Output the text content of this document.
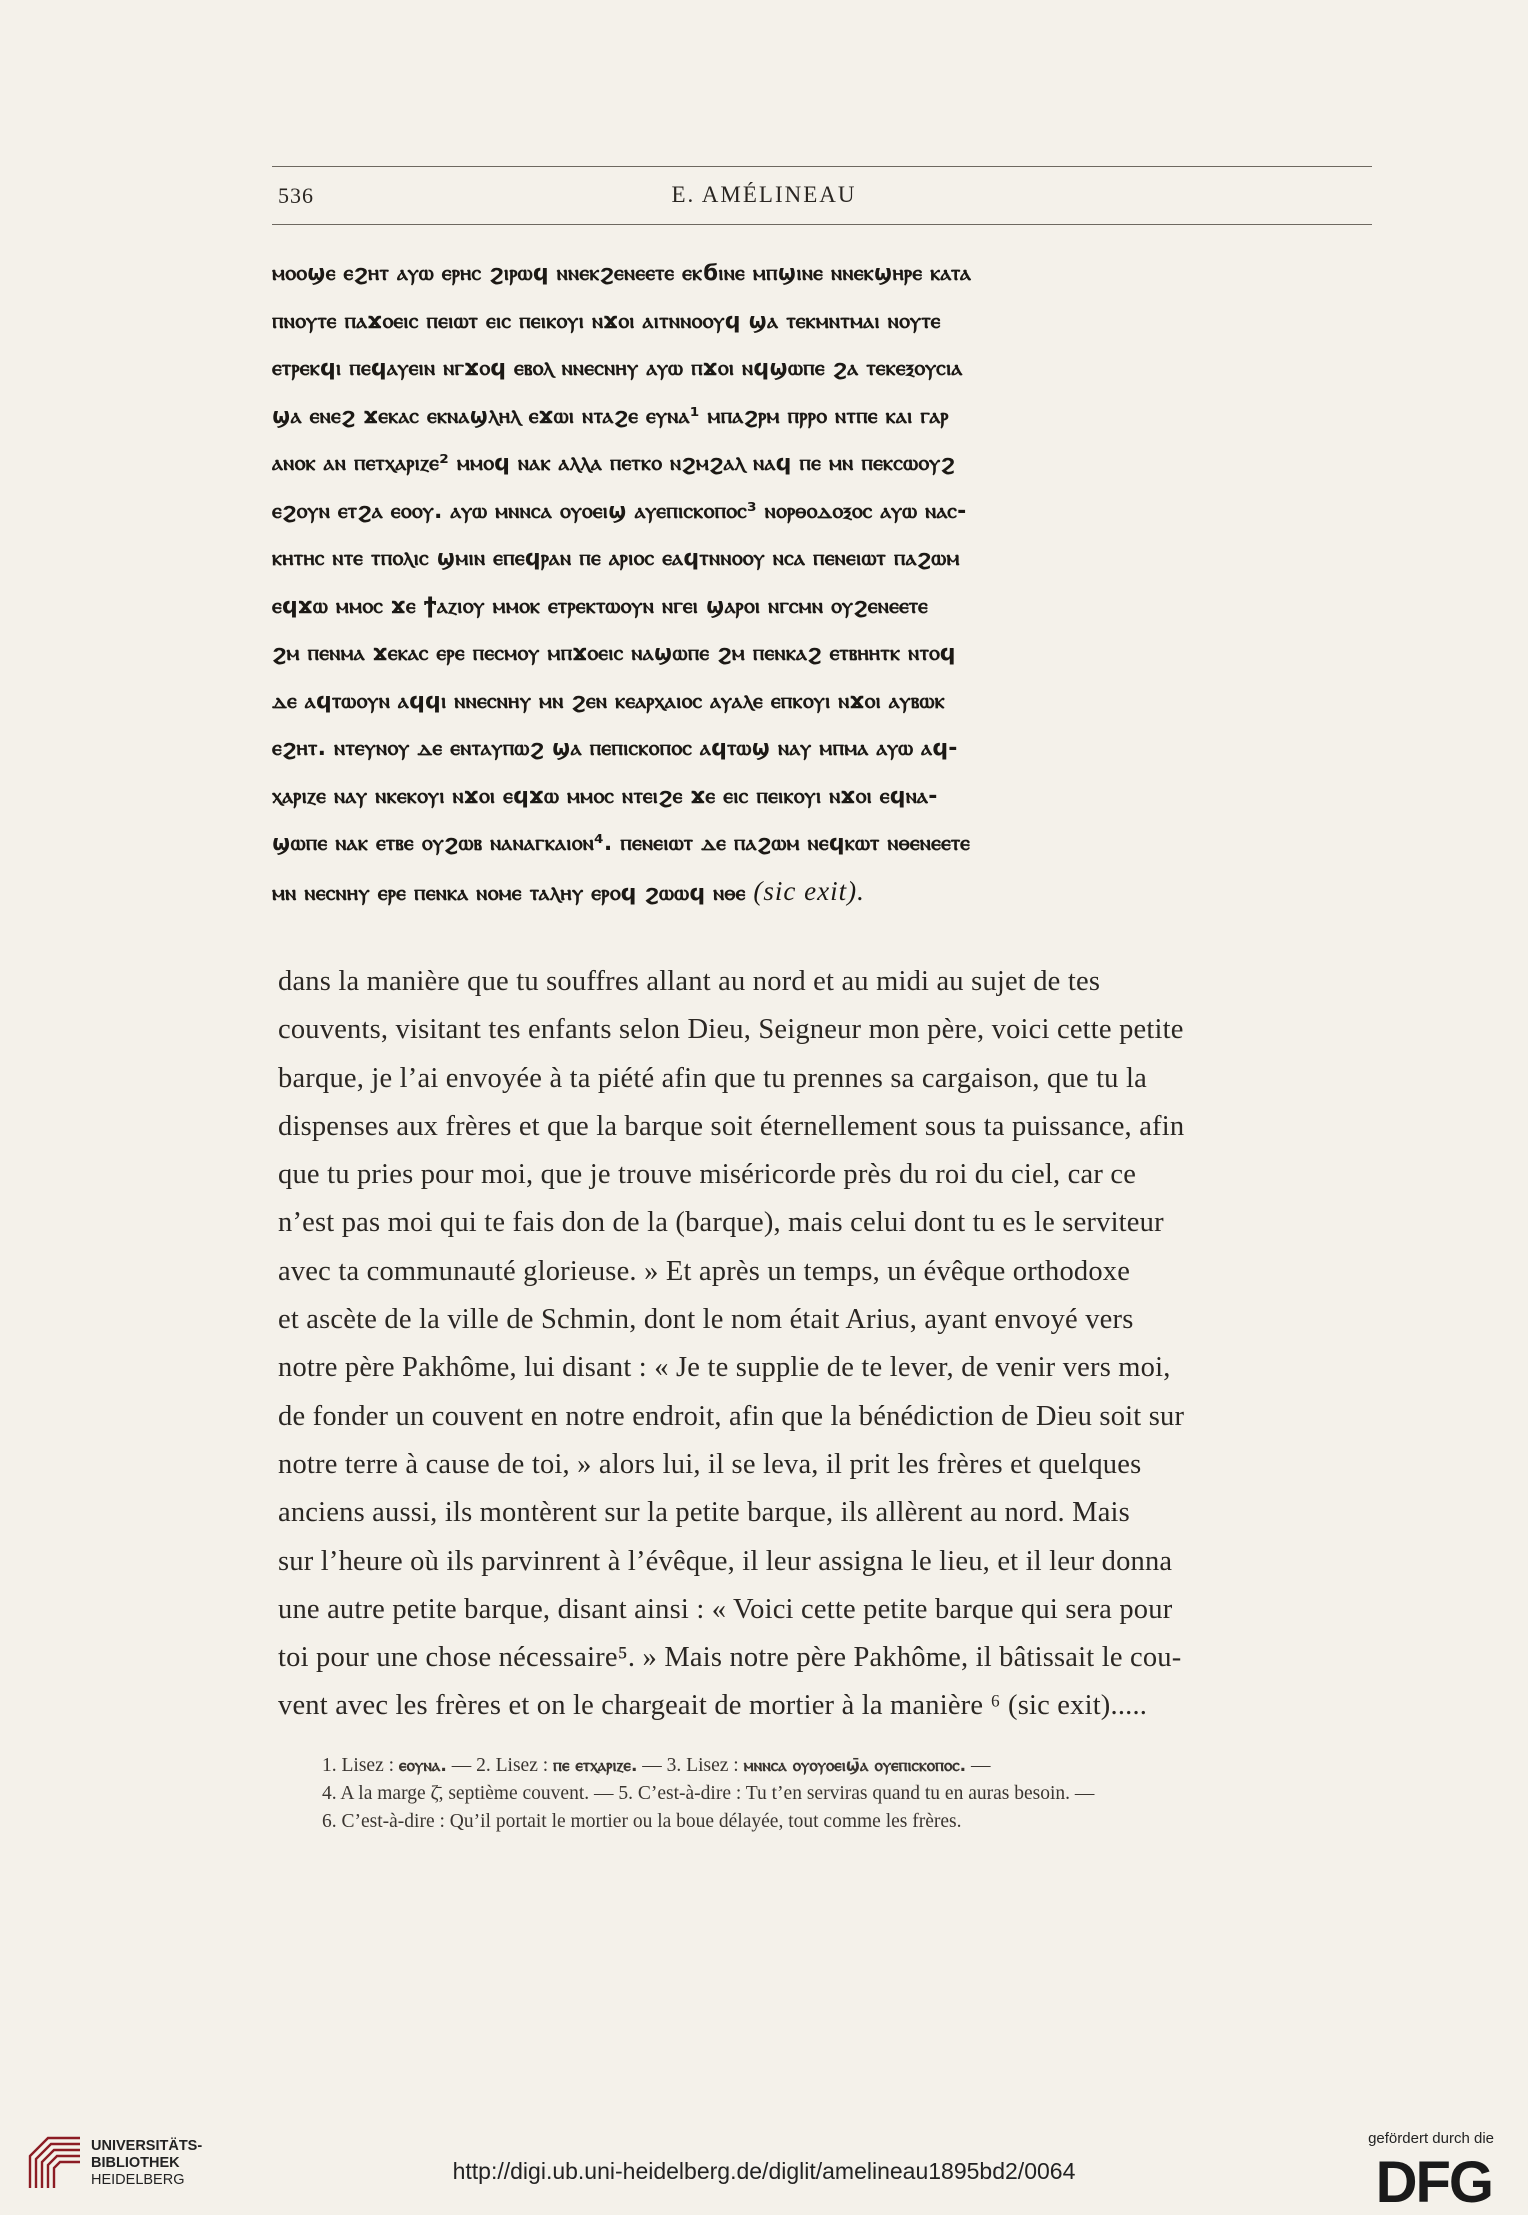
536	E. AMÉLINEAU
ⲙⲟⲟϣⲉ ⲉϩⲏⲧ ⲁⲩⲱ ⲉⲣⲏⲥ ϩⲓⲣⲱϥ ⲛⲛⲉⲕϩⲉⲛⲉⲉⲧⲉ ⲉⲕϭⲓⲛⲉ ⲙⲡϣⲓⲛⲉ ⲛⲛⲉⲕϣⲏⲣⲉ ⲕⲁⲧⲁ
ⲡⲛⲟⲩⲧⲉ ⲡⲁϫⲟⲉⲓⲥ ⲡⲉⲓⲱⲧ ⲉⲓⲥ ⲡⲉⲓⲕⲟⲩⲓ ⲛϫⲟⲓ ⲁⲓⲧⲛⲛⲟⲟⲩϥ ϣⲁ ⲧⲉⲕⲙⲛⲧⲙⲁⲓ ⲛⲟⲩⲧⲉ
ⲉⲧⲣⲉⲕϥⲓ ⲡⲉϥⲁⲩⲉⲓⲛ ⲛⲅϫⲟϥ ⲉⲃⲟⲗ ⲛⲛⲉⲥⲛⲏⲩ ⲁⲩⲱ ⲡϫⲟⲓ ⲛϥϣⲱⲡⲉ ϩⲁ ⲧⲉⲕⲉⲝⲟⲩⲥⲓⲁ
ϣⲁ ⲉⲛⲉϩ ϫⲉⲕⲁⲥ ⲉⲕⲛⲁϣⲗⲏⲗ ⲉϫⲱⲓ ⲛⲧⲁϩⲉ ⲉⲩⲛⲁ¹ ⲙⲡⲁϩⲣⲙ ⲡⲣⲣⲟ ⲛⲧⲡⲉ ⲕⲁⲓ ⲅⲁⲣ
ⲁⲛⲟⲕ ⲁⲛ ⲡⲉⲧⲭⲁⲣⲓⲍⲉ² ⲙⲙⲟϥ ⲛⲁⲕ ⲁⲗⲗⲁ ⲡⲉⲧⲕⲟ ⲛϩⲙϩⲁⲗ ⲛⲁϥ ⲡⲉ ⲙⲛ ⲡⲉⲕⲥⲱⲟⲩϩ
ⲉϩⲟⲩⲛ ⲉⲧϩⲁ ⲉⲟⲟⲩ. ⲁⲩⲱ ⲙⲛⲛⲥⲁ ⲟⲩⲟⲉⲓϣ ⲁⲩⲉⲡⲓⲥⲕⲟⲡⲟⲥ³ ⲛⲟⲣⲑⲟⲇⲟⲝⲟⲥ ⲁⲩⲱ ⲛⲁⲥ-
ⲕⲏⲧⲏⲥ ⲛⲧⲉ ⲧⲡⲟⲗⲓⲥ ϣⲙⲓⲛ ⲉⲡⲉϥⲣⲁⲛ ⲡⲉ ⲁⲣⲓⲟⲥ ⲉⲁϥⲧⲛⲛⲟⲟⲩ ⲛⲥⲁ ⲡⲉⲛⲉⲓⲱⲧ ⲡⲁϩⲱⲙ
ⲉϥϫⲱ ⲙⲙⲟⲥ ϫⲉ ϯⲁⲍⲓⲟⲩ ⲙⲙⲟⲕ ⲉⲧⲣⲉⲕⲧⲱⲟⲩⲛ ⲛⲅⲉⲓ ϣⲁⲣⲟⲓ ⲛⲅⲥⲙⲛ ⲟⲩϩⲉⲛⲉⲉⲧⲉ
ϩⲙ ⲡⲉⲛⲙⲁ ϫⲉⲕⲁⲥ ⲉⲣⲉ ⲡⲉⲥⲙⲟⲩ ⲙⲡϫⲟⲉⲓⲥ ⲛⲁϣⲱⲡⲉ ϩⲙ ⲡⲉⲛⲕⲁϩ ⲉⲧⲃⲏⲏⲧⲕ ⲛⲧⲟϥ
ⲇⲉ ⲁϥⲧⲱⲟⲩⲛ ⲁϥϥⲓ ⲛⲛⲉⲥⲛⲏⲩ ⲙⲛ ϩⲉⲛ ⲕⲉⲁⲣⲭⲁⲓⲟⲥ ⲁⲩⲁⲗⲉ ⲉⲡⲕⲟⲩⲓ ⲛϫⲟⲓ ⲁⲩⲃⲱⲕ
ⲉϩⲏⲧ. ⲛⲧⲉⲩⲛⲟⲩ ⲇⲉ ⲉⲛⲧⲁⲩⲡⲱϩ ϣⲁ ⲡⲉⲡⲓⲥⲕⲟⲡⲟⲥ ⲁϥⲧⲱϣ ⲛⲁⲩ ⲙⲡⲙⲁ ⲁⲩⲱ ⲁϥ-
ⲭⲁⲣⲓⲍⲉ ⲛⲁⲩ ⲛⲕⲉⲕⲟⲩⲓ ⲛϫⲟⲓ ⲉϥϫⲱ ⲙⲙⲟⲥ ⲛⲧⲉⲓϩⲉ ϫⲉ ⲉⲓⲥ ⲡⲉⲓⲕⲟⲩⲓ ⲛϫⲟⲓ ⲉϥⲛⲁ-
ϣⲱⲡⲉ ⲛⲁⲕ ⲉⲧⲃⲉ ⲟⲩϩⲱⲃ ⲛⲁⲛⲁⲅⲕⲁⲓⲟⲛ⁴. ⲡⲉⲛⲉⲓⲱⲧ ⲇⲉ ⲡⲁϩⲱⲙ ⲛⲉϥⲕⲱⲧ ⲛⲑⲉⲛⲉⲉⲧⲉ
ⲙⲛ ⲛⲉⲥⲛⲏⲩ ⲉⲣⲉ ⲡⲉⲛⲕⲁ ⲛⲟⲙⲉ ⲧⲁⲗⲏⲩ ⲉⲣⲟϥ ϩⲱⲱϥ ⲛⲑⲉ (sic exit).
dans la manière que tu souffres allant au nord et au midi au sujet de tes
couvents, visitant tes enfants selon Dieu, Seigneur mon père, voici cette petite
barque, je l’ai envoyée à ta piété afin que tu prennes sa cargaison, que tu la
dispenses aux frères et que la barque soit éternellement sous ta puissance, afin
que tu pries pour moi, que je trouve miséricorde près du roi du ciel, car ce
n’est pas moi qui te fais don de la (barque), mais celui dont tu es le serviteur
avec ta communauté glorieuse. » Et après un temps, un évêque orthodoxe
et ascète de la ville de Schmin, dont le nom était Arius, ayant envoyé vers
notre père Pakhôme, lui disant : « Je te supplie de te lever, de venir vers moi,
de fonder un couvent en notre endroit, afin que la bénédiction de Dieu soit sur
notre terre à cause de toi, » alors lui, il se leva, il prit les frères et quelques
anciens aussi, ils montèrent sur la petite barque, ils allèrent au nord. Mais
sur l’heure où ils parvinrent à l’évêque, il leur assigna le lieu, et il leur donna
une autre petite barque, disant ainsi : « Voici cette petite barque qui sera pour
toi pour une chose nécessaire⁵. » Mais notre père Pakhôme, il bâtissait le cou-
vent avec les frères et on le chargeait de mortier à la manière ⁶ (sic exit).....
1. Lisez : ⲉⲟⲩⲛⲁ. — 2. Lisez : ⲡⲉ ⲉⲧⲭⲁⲣⲓⲍⲉ. — 3. Lisez : ⲙⲛⲛⲥⲁ ⲟⲩⲟⲩⲟⲉⲓϣ̄ⲁ ⲟⲩⲉⲡⲓⲥⲕⲟⲡⲟⲥ. —
4. A la marge ζ̄, septième couvent. — 5. C’est-à-dire : Tu t’en serviras quand tu en auras besoin. —
6. C’est-à-dire : Qu’il portait le mortier ou la boue délayée, tout comme les frères.
UNIVERSITÄTS-
BIBLIOTHEK
HEIDELBERG	http://digi.ub.uni-heidelberg.de/diglit/amelineau1895bd2/0064
gefördert durch die
DFG
